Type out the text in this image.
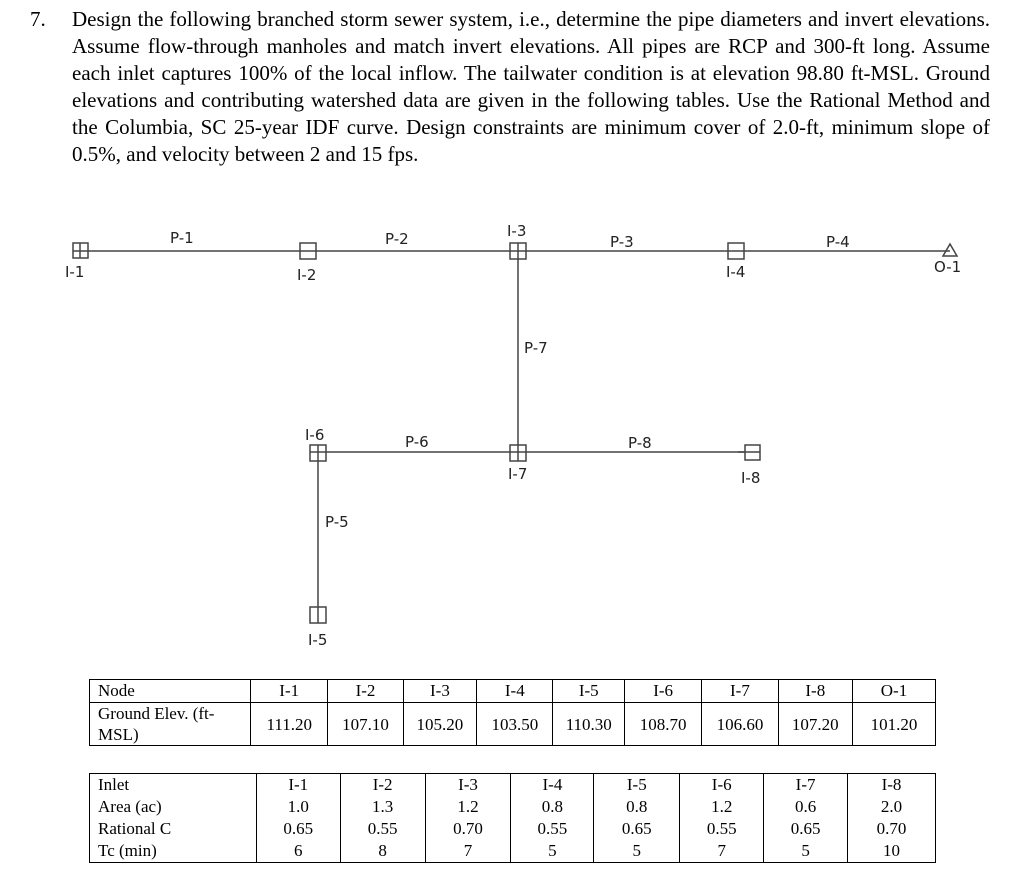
7. Design the following branched storm sewer system, i.e., determine the pipe diameters and invert elevations. Assume flow-through manholes and match invert elevations. All pipes are RCP and 300-ft long. Assume each inlet captures 100% of the local inflow. The tailwater condition is at elevation 98.80 ft-MSL. Ground elevations and contributing watershed data are given in the following tables. Use the Rational Method and the Columbia, SC 25-year IDF curve. Design constraints are minimum cover of 2.0-ft, minimum slope of 0.5%, and velocity between 2 and 15 fps.
P-1	P-2	P-3	P-4
P-5
P-6
P-7
P-8
I-1	I-2
I-3
I-4
I-5
I-6
I-7	I-8
O-1
Node	I-1	I-2	I-3	I-4	I-5	I-6	I-7	I-8	O-1
Ground Elev. (ft-MSL)	111.20	107.10	105.20	103.50	110.30	108.70	106.60	107.20	101.20
Inlet	I-1	I-2	I-3	I-4	I-5	I-6	I-7	I-8
Area (ac)	1.0	1.3	1.2	0.8	0.8	1.2	0.6	2.0
Rational C	0.65	0.55	0.70	0.55	0.65	0.55	0.65	0.70
Tc (min)	6	8	7	5	5	7	5	10
